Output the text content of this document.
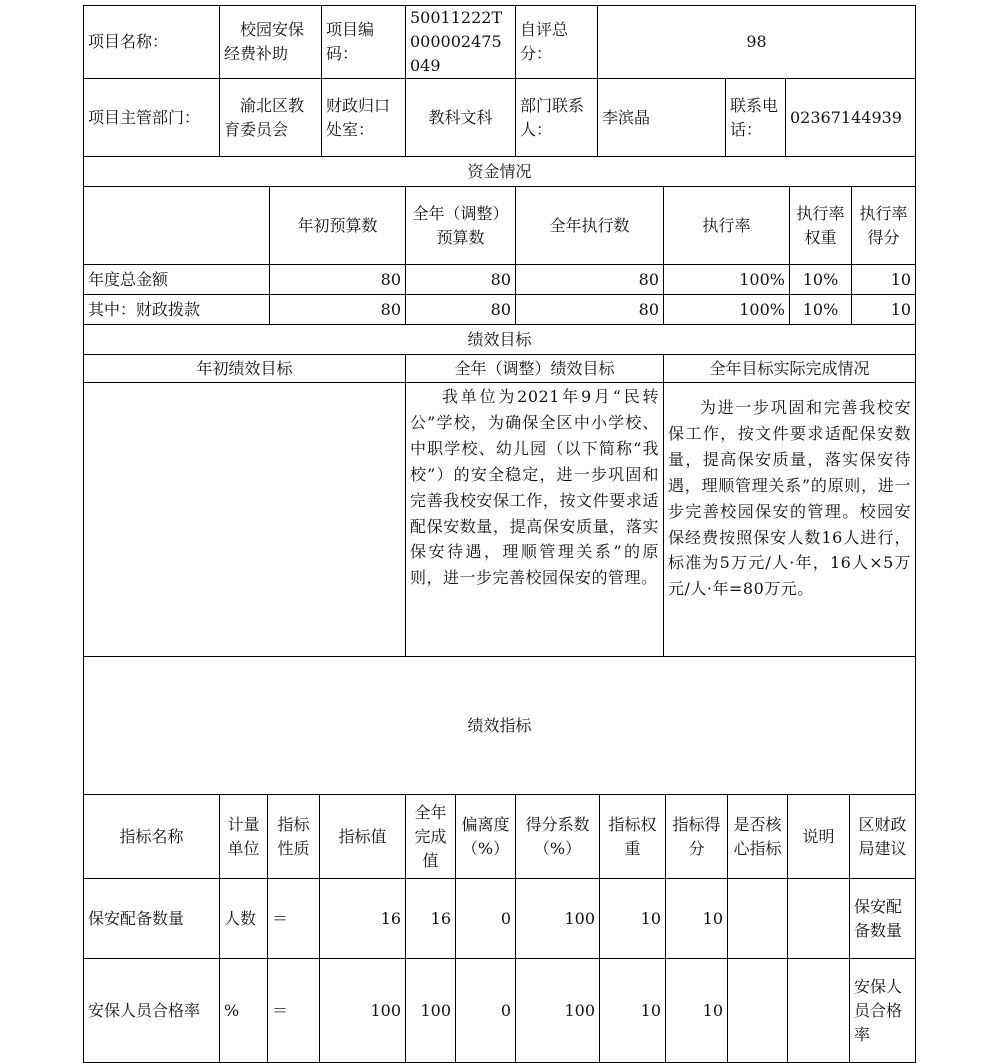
项目名称：	校园安保经费补助	项目编码：	50011222T000002475049	自评总分：	98		
项目主管部门：	渝北区教育委员会	财政归口处室：	教科文科	部门联系人：	李滨晶	联系电话：	02367144939
资金情况						
	年初预算数	全年（调整）预算数	全年执行数	执行率	执行率权重	执行率得分
年度总金额	80	80	80	100%	10%	10
其中：财政拨款	80	80	80	100%	10%	10
绩效目标		
年初绩效目标	全年（调整）绩效目标	全年目标实际完成情况
	我单位为2021年9月“民转公”学校，为确保全区中小学校、中职学校、幼儿园（以下简称“我校”）的安全稳定，进一步巩固和完善我校安保工作，按文件要求适配保安数量，提高保安质量，落实保安待遇，理顺管理关系”的原则，进一步完善校园保安的管理。	为进一步巩固和完善我校安保工作，按文件要求适配保安数量，提高保安质量，落实保安待遇，理顺管理关系”的原则，进一步完善校园保安的管理。校园安保经费按照保安人数16人进行，标准为5万元/人·年，16人×5万元/人·年=80万元。
绩效指标											
指标名称	计量单位	指标性质	指标值	全年完成值	偏离度（%）	得分系数（%）	指标权重	指标得分	是否核心指标	说明	区财政局建议
保安配备数量	人数	＝	16	16	0	100	10	10			保安配备数量
安保人员合格率	%	＝	100	100	0	100	10	10			安保人员合格率
